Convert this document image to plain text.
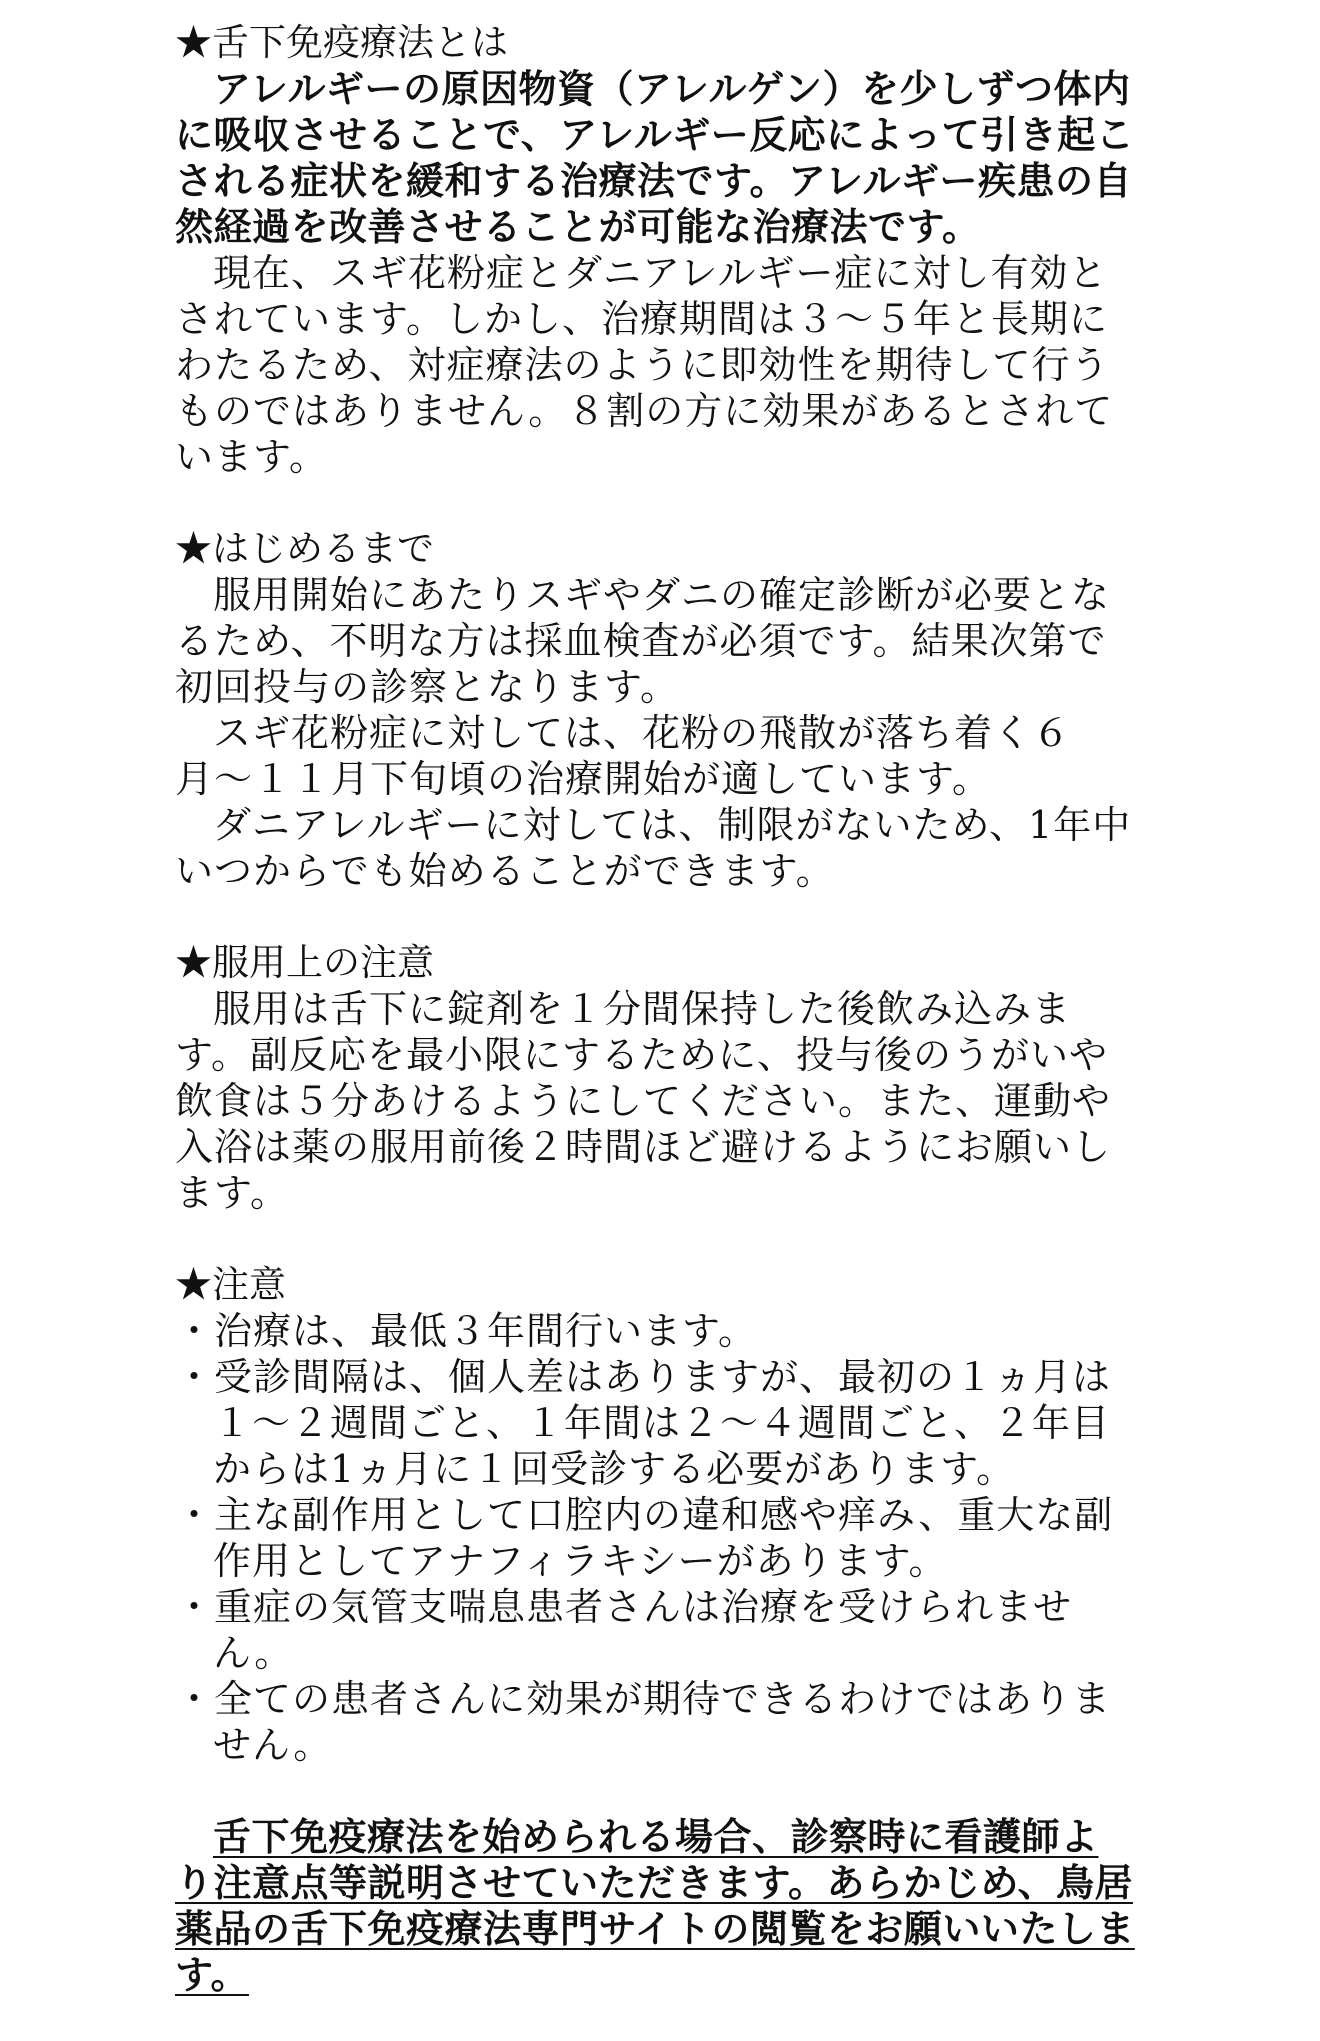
★舌下免疫療法とは

アレルギーの原因物資（アレルゲン）を少しずつ体内に吸収させることで、アレルギー反応によって引き起こされる症状を緩和する治療法です。アレルギー疾患の自然経過を改善させることが可能な治療法です。

現在、スギ花粉症とダニアレルギー症に対し有効とされています。しかし、治療期間は３〜５年と長期にわたるため、対症療法のように即効性を期待して行うものではありません。８割の方に効果があるとされています。

★はじめるまで

服用開始にあたりスギやダニの確定診断が必要となるため、不明な方は採血検査が必須です。結果次第で初回投与の診察となります。

スギ花粉症に対しては、花粉の飛散が落ち着く６月〜１１月下旬頃の治療開始が適しています。

ダニアレルギーに対しては、制限がないため、1年中いつからでも始めることができます。

★服用上の注意

服用は舌下に錠剤を１分間保持した後飲み込みます。副反応を最小限にするために、投与後のうがいや飲食は５分あけるようにしてください。また、運動や入浴は薬の服用前後２時間ほど避けるようにお願いします。

★注意
・治療は、最低３年間行います。
・受診間隔は、個人差はありますが、最初の１ヵ月は１〜２週間ごと、１年間は２〜４週間ごと、２年目からは1ヵ月に１回受診する必要があります。
・主な副作用として口腔内の違和感や痒み、重大な副作用としてアナフィラキシーがあります。
・重症の気管支喘息患者さんは治療を受けられません。
・全ての患者さんに効果が期待できるわけではありません。

舌下免疫療法を始められる場合、診察時に看護師より注意点等説明させていただきます。あらかじめ、鳥居薬品の舌下免疫療法専門サイトの閲覧をお願いいたします。
